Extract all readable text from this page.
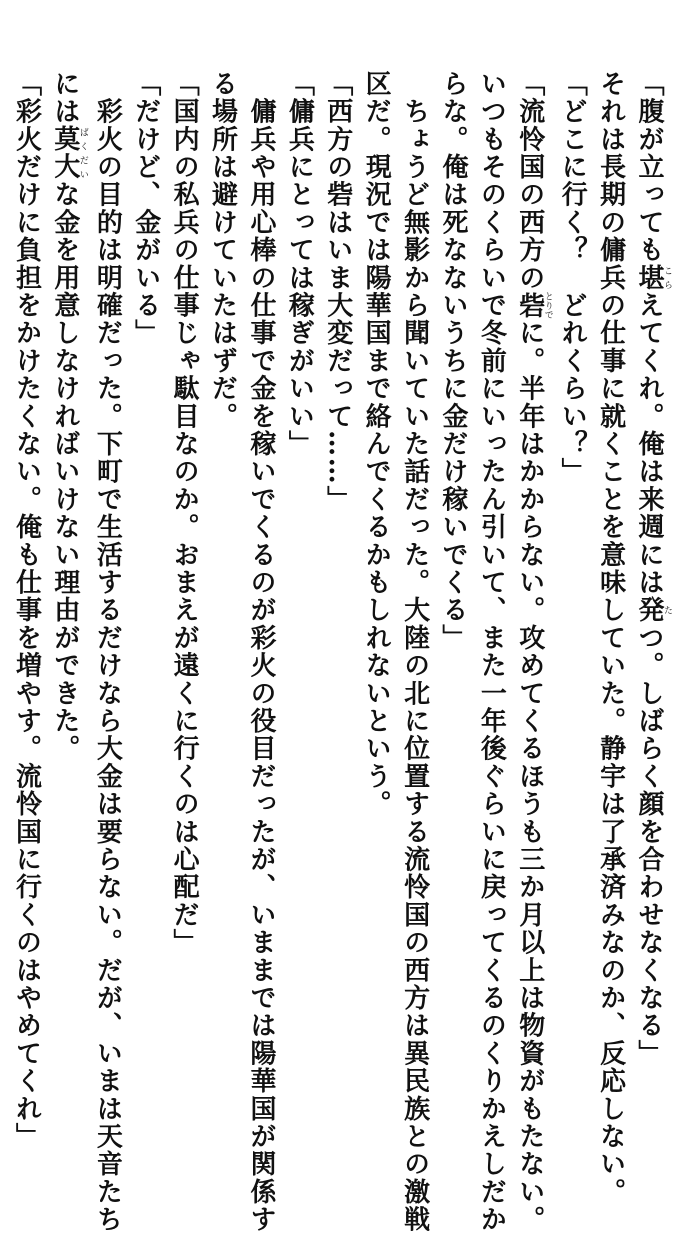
「腹が立っても堪こらえてくれ。俺は来週には発たつ。しばらく顔を合わせなくなる」
それは長期の傭兵の仕事に就くことを意味していた。静宇は了承済みなのか、反応しない。
「どこに行く？　どれくらい？」
「流怜国の西方の砦とりでに。半年はかからない。攻めてくるほうも三か月以上は物資がもたない。
いつもそのくらいで冬前にいったん引いて、また一年後ぐらいに戻ってくるのくりかえしだか
らな。俺は死なないうちに金だけ稼いでくる」
　ちょうど無影から聞いていた話だった。大陸の北に位置する流怜国の西方は異民族との激戦
区だ。現況では陽華国まで絡んでくるかもしれないという。
「西方の砦はいま大変だって……」
「傭兵にとっては稼ぎがいい」
　傭兵や用心棒の仕事で金を稼いでくるのが彩火の役目だったが、いままでは陽華国が関係す
る場所は避けていたはずだ。
「国内の私兵の仕事じゃ駄目なのか。おまえが遠くに行くのは心配だ」
「だけど、金がいる」
　彩火の目的は明確だった。下町で生活するだけなら大金は要らない。だが、いまは天音たち
には莫大ばくだいな金を用意しなければいけない理由ができた。
「彩火だけに負担をかけたくない。俺も仕事を増やす。流怜国に行くのはやめてくれ」
